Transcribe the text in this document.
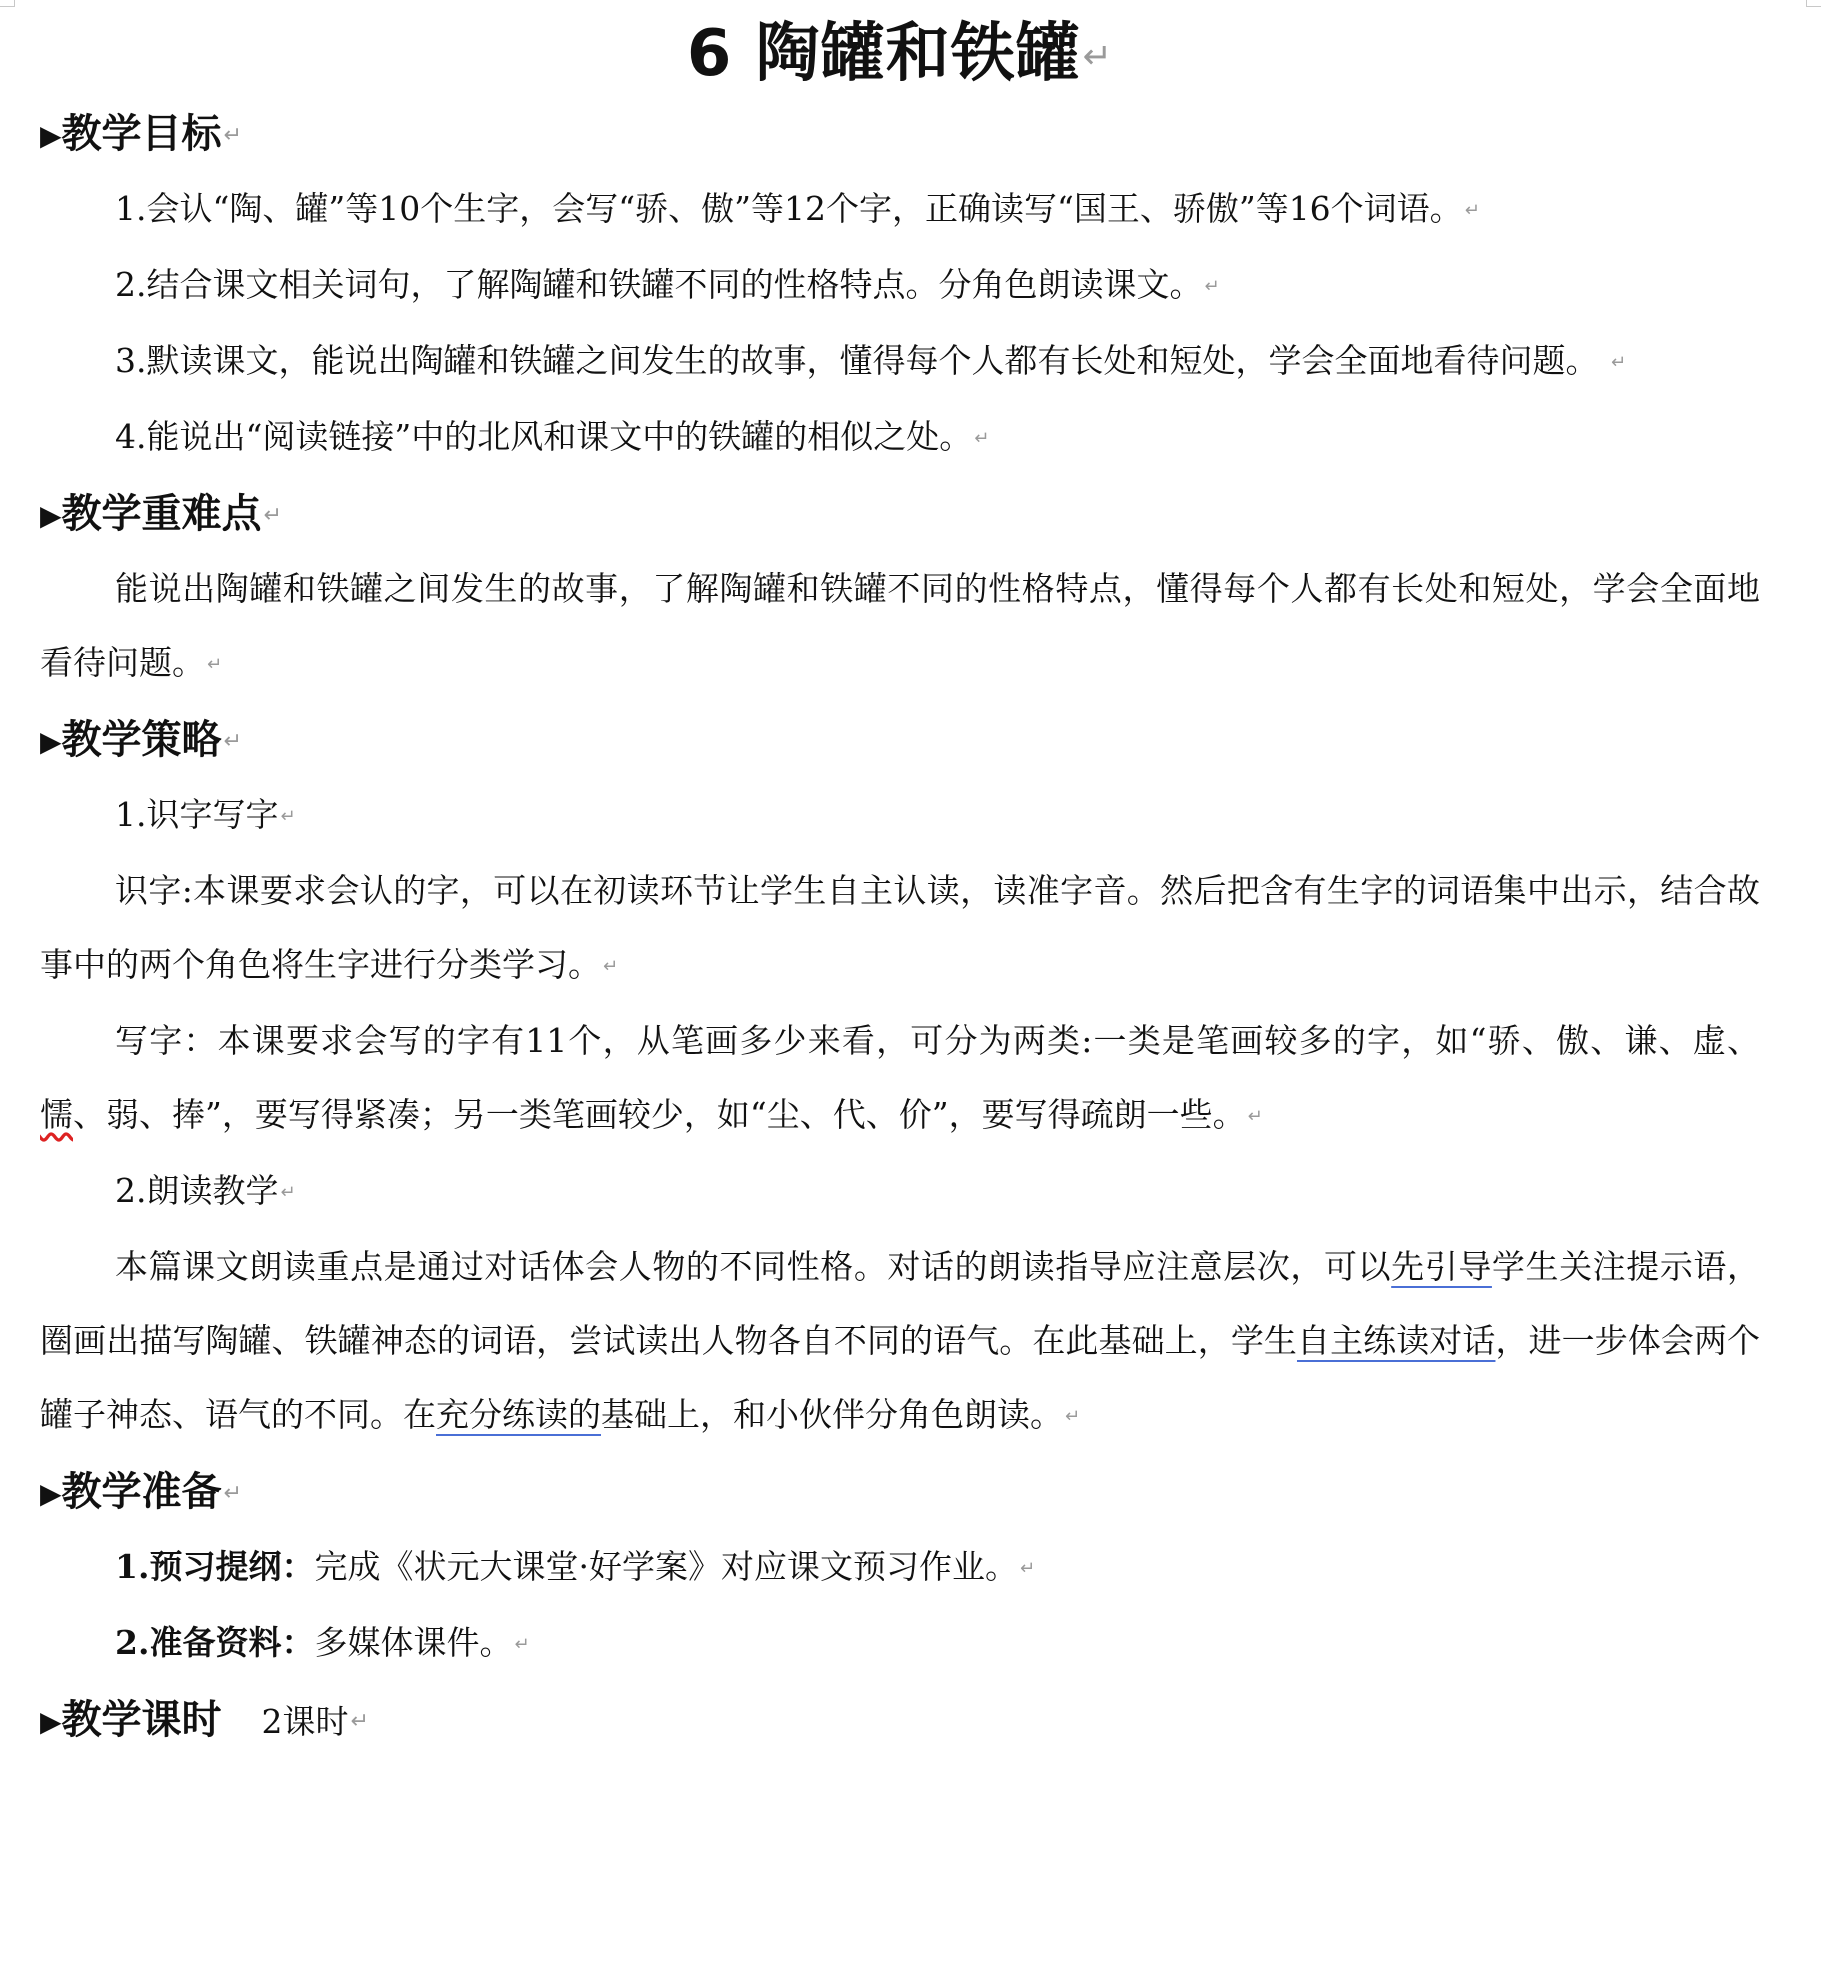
6 陶罐和铁罐↵
▶教学目标↵

1.会认“陶、罐”等10个生字，会写“骄、傲”等12个字，正确读写“国王、骄傲”等16个词语。 ↵

2.结合课文相关词句，了解陶罐和铁罐不同的性格特点。分角色朗读课文。 ↵

3.默读课文，能说出陶罐和铁罐之间发生的故事，懂得每个人都有长处和短处，学会全面地看待问题。 ↵

4.能说出“阅读链接”中的北风和课文中的铁罐的相似之处。 ↵

▶教学重难点↵

能说出陶罐和铁罐之间发生的故事，了解陶罐和铁罐不同的性格特点，懂得每个人都有长处和短处，学会全面地看待问题。 ↵

▶教学策略↵

1.识字写字 ↵

识字:本课要求会认的字，可以在初读环节让学生自主认读，读准字音。然后把含有生字的词语集中出示，结合故事中的两个角色将生字进行分类学习。 ↵

写字：本课要求会写的字有11个，从笔画多少来看，可分为两类:一类是笔画较多的字，如“骄、傲、谦、虚、懦、弱、捧”，要写得紧凑；另一类笔画较少，如“尘、代、价”，要写得疏朗一些。 ↵

2.朗读教学 ↵

本篇课文朗读重点是通过对话体会人物的不同性格。对话的朗读指导应注意层次，可以先引导学生关注提示语，圈画出描写陶罐、铁罐神态的词语，尝试读出人物各自不同的语气。在此基础上，学生自主练读对话，进一步体会两个罐子神态、语气的不同。在充分练读的基础上，和小伙伴分角色朗读。 ↵

▶教学准备↵

1.预习提纲：完成《状元大课堂·好学案》对应课文预习作业。 ↵

2.准备资料：多媒体课件。 ↵

▶教学课时 2课时↵
